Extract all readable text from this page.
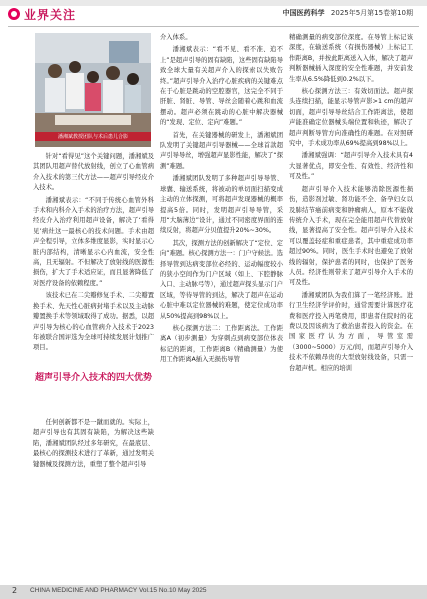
业界关注	中国医药科学 2025年5月第15卷第10期
潘湘斌教授团队与术后患儿合影

针对“看得见”这个关键问题，潘湘斌及其团队用超声替代放射线，创立了心血管病介入技术的第三代方法——超声引导经皮介入技术。

潘湘斌表示：“不同于传统心血管外科手术和内科介入手术的治疗方法，超声引导经皮介入治疗利用超声设备，解决了‘看得见’病灶这一最核心的技术问题。手术由超声全程引导，立体多维度显影，实时显示心脏内部结构，清晰显示心内血流，安全性高，且无辐射。不但解决了放射线的医源性损伤，扩大了手术适应证，而且显著降低了对医疗设备的依赖程度。”

该技术已在二尖瓣修复手术、二尖瓣置换手术、先天性心脏病封堵手术以及主动脉瓣置换手术等领域取得了成功。据悉，以超声引导为核心的心血管病介入技术于2023年被联合国评选为全球可持续发展计划推广项目。

超声引导介入技术的四大优势

任何创新都不是一蹴而就的。实际上，超声引导也有其固有缺陷，为解决这些缺陷，潘湘斌团队经过多年研究，在最底层、最核心的探测技术进行了革新，通过发明关键器械及探测方法，重塑了整个超声引导

介入体系。

潘湘斌表示：“看不见、看不准、追不上”是超声引导的固有缺陷，这些固有缺陷导致全球大量有关超声介入的探索以失败告终。”超声引导介入治疗心脏疾病的关键难点在于心脏是跳动的空腔器官，这完全不同于肝脏、肾脏、导管、导丝会随着心跳和血流摆动。超声必须在跳动的心脏中解决器械的“发现、定位、定向”难题。”

首先，在关键器械的研发上，潘湘斌团队发明了关键超声引导器械——全球首款超声引导导丝，增强超声显影性能，解决了“探测”难题。

潘湘斌团队发明了多种超声引导导管、球囊、输送系统，将被动的单切面扫描变成主动的立体探测，可将超声发现器械的概率提高5倍。同时，发明超声引导导管，采用“大脑薄边”设计，通过不同密度界面的连续反射，将超声分贝值提升20%~30%。

其次，探测方法的创新解决了“定位、定向”难题。核心探测方法一：门户守候法。选择导管到达病变部位必经的、运动幅度较小的狭小空间作为门户区域（如上、下腔静脉入口、主动脉弓等），通过超声探头显示门户区域，等待导管的到达，解决了超声在运动心脏中难以定位器械的难题，使定位成功率从50%提高到98%以上。

核心探测方法二：工作距离法。工作距离A（初步测量）为穿刺点到病变部位体表标记的距离，工作距离B（精确测量）为使用工作距离A插入无损伤导管

精确测量的病变部位深度。在导管上标记该深度，在输送系统（有损伤器械）上标记工作距离B，并按此距离送入入体，解决了超声判断器械插入深度的安全性难题，并安前发生率从6.5%降低到0.2%以下。

核心探测方法三：有效切面法。超声探头连续扫描，能显示导管声影>1 cm的超声切面，超声引导导丝结合工作距离法，使超声能准确定位器械头端位置和轨迹，解决了超声判断导管方向准确性的难题。在对照研究中，手术成功率从69%提高到98%以上。

潘湘斌强调：“超声引导介入技术具有4大显著优点，即安全性、有效性、经济性和可及性。”

超声引导介入技术能够消除医源性损伤，造影剂过敏、肾功能不全、备孕妇女以及肺结节癌前病变和肿瘤病人，原本不能做传统介入手术，现在完全能用超声代替放射线，显著提高了安全性。超声引导介入技术可以覆盖轻症和重症患者，其中重症成功率超过90%。同时，医生手术时也避免了放射线的辐射，保护患者的同时，也保护了医务人员。经济性则带来了超声引导介入手术的可及性。

潘湘斌团队为我们算了一笔经济账。进行卫生经济学评价时，通常需要计算医疗花费和医疗投入再笔费用，即患者住院时的花费以及因该病为了救治患者投入的资金。在国家医疗认为方面，导管室需（3000~5000）万元/间，而超声引导介入技术不依赖昂贵的大型放射线设备，只需一台超声机。相应的培训

2 CHINA MEDICINE AND PHARMACY Vol.15 No.10 May 2025
